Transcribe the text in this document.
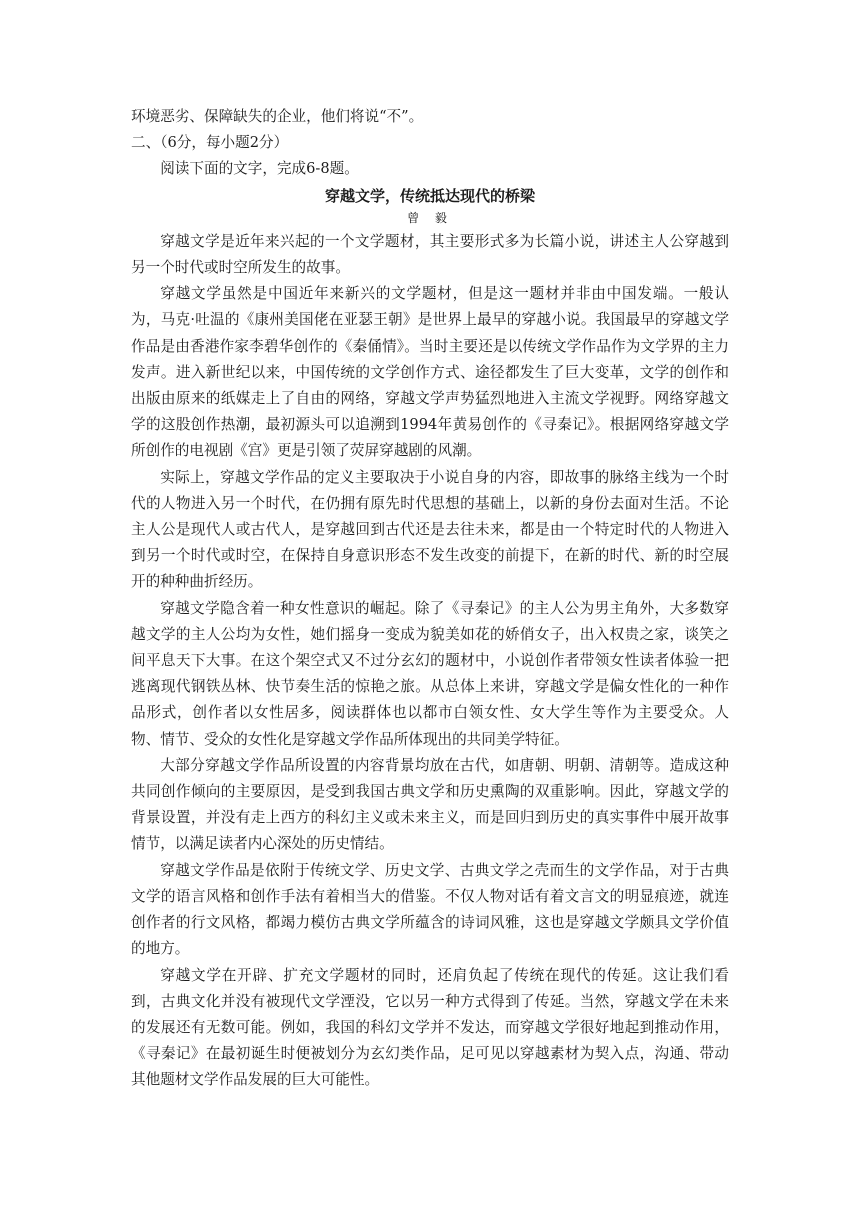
环境恶劣、保障缺失的企业，他们将说“不”。

二、（6分，每小题2分）

阅读下面的文字，完成6-8题。

穿越文学，传统抵达现代的桥梁

曾 毅

穿越文学是近年来兴起的一个文学题材，其主要形式多为长篇小说，讲述主人公穿越到另一个时代或时空所发生的故事。

穿越文学虽然是中国近年来新兴的文学题材，但是这一题材并非由中国发端。一般认为，马克·吐温的《康州美国佬在亚瑟王朝》是世界上最早的穿越小说。我国最早的穿越文学作品是由香港作家李碧华创作的《秦俑情》。当时主要还是以传统文学作品作为文学界的主力发声。进入新世纪以来，中国传统的文学创作方式、途径都发生了巨大变革，文学的创作和出版由原来的纸媒走上了自由的网络，穿越文学声势猛烈地进入主流文学视野。网络穿越文学的这股创作热潮，最初源头可以追溯到1994年黄易创作的《寻秦记》。根据网络穿越文学所创作的电视剧《宫》更是引领了荧屏穿越剧的风潮。

实际上，穿越文学作品的定义主要取决于小说自身的内容，即故事的脉络主线为一个时代的人物进入另一个时代，在仍拥有原先时代思想的基础上，以新的身份去面对生活。不论主人公是现代人或古代人，是穿越回到古代还是去往未来，都是由一个特定时代的人物进入到另一个时代或时空，在保持自身意识形态不发生改变的前提下，在新的时代、新的时空展开的种种曲折经历。

穿越文学隐含着一种女性意识的崛起。除了《寻秦记》的主人公为男主角外，大多数穿越文学的主人公均为女性，她们摇身一变成为貌美如花的娇俏女子，出入权贵之家，谈笑之间平息天下大事。在这个架空式又不过分玄幻的题材中，小说创作者带领女性读者体验一把逃离现代钢铁丛林、快节奏生活的惊艳之旅。从总体上来讲，穿越文学是偏女性化的一种作品形式，创作者以女性居多，阅读群体也以都市白领女性、女大学生等作为主要受众。人物、情节、受众的女性化是穿越文学作品所体现出的共同美学特征。

大部分穿越文学作品所设置的内容背景均放在古代，如唐朝、明朝、清朝等。造成这种共同创作倾向的主要原因，是受到我国古典文学和历史熏陶的双重影响。因此，穿越文学的背景设置，并没有走上西方的科幻主义或未来主义，而是回归到历史的真实事件中展开故事情节，以满足读者内心深处的历史情结。

穿越文学作品是依附于传统文学、历史文学、古典文学之壳而生的文学作品，对于古典文学的语言风格和创作手法有着相当大的借鉴。不仅人物对话有着文言文的明显痕迹，就连创作者的行文风格，都竭力模仿古典文学所蕴含的诗词风雅，这也是穿越文学颇具文学价值的地方。

穿越文学在开辟、扩充文学题材的同时，还肩负起了传统在现代的传延。这让我们看到，古典文化并没有被现代文学湮没，它以另一种方式得到了传延。当然，穿越文学在未来的发展还有无数可能。例如，我国的科幻文学并不发达，而穿越文学很好地起到推动作用，《寻秦记》在最初诞生时便被划分为玄幻类作品，足可见以穿越素材为契入点，沟通、带动其他题材文学作品发展的巨大可能性。
